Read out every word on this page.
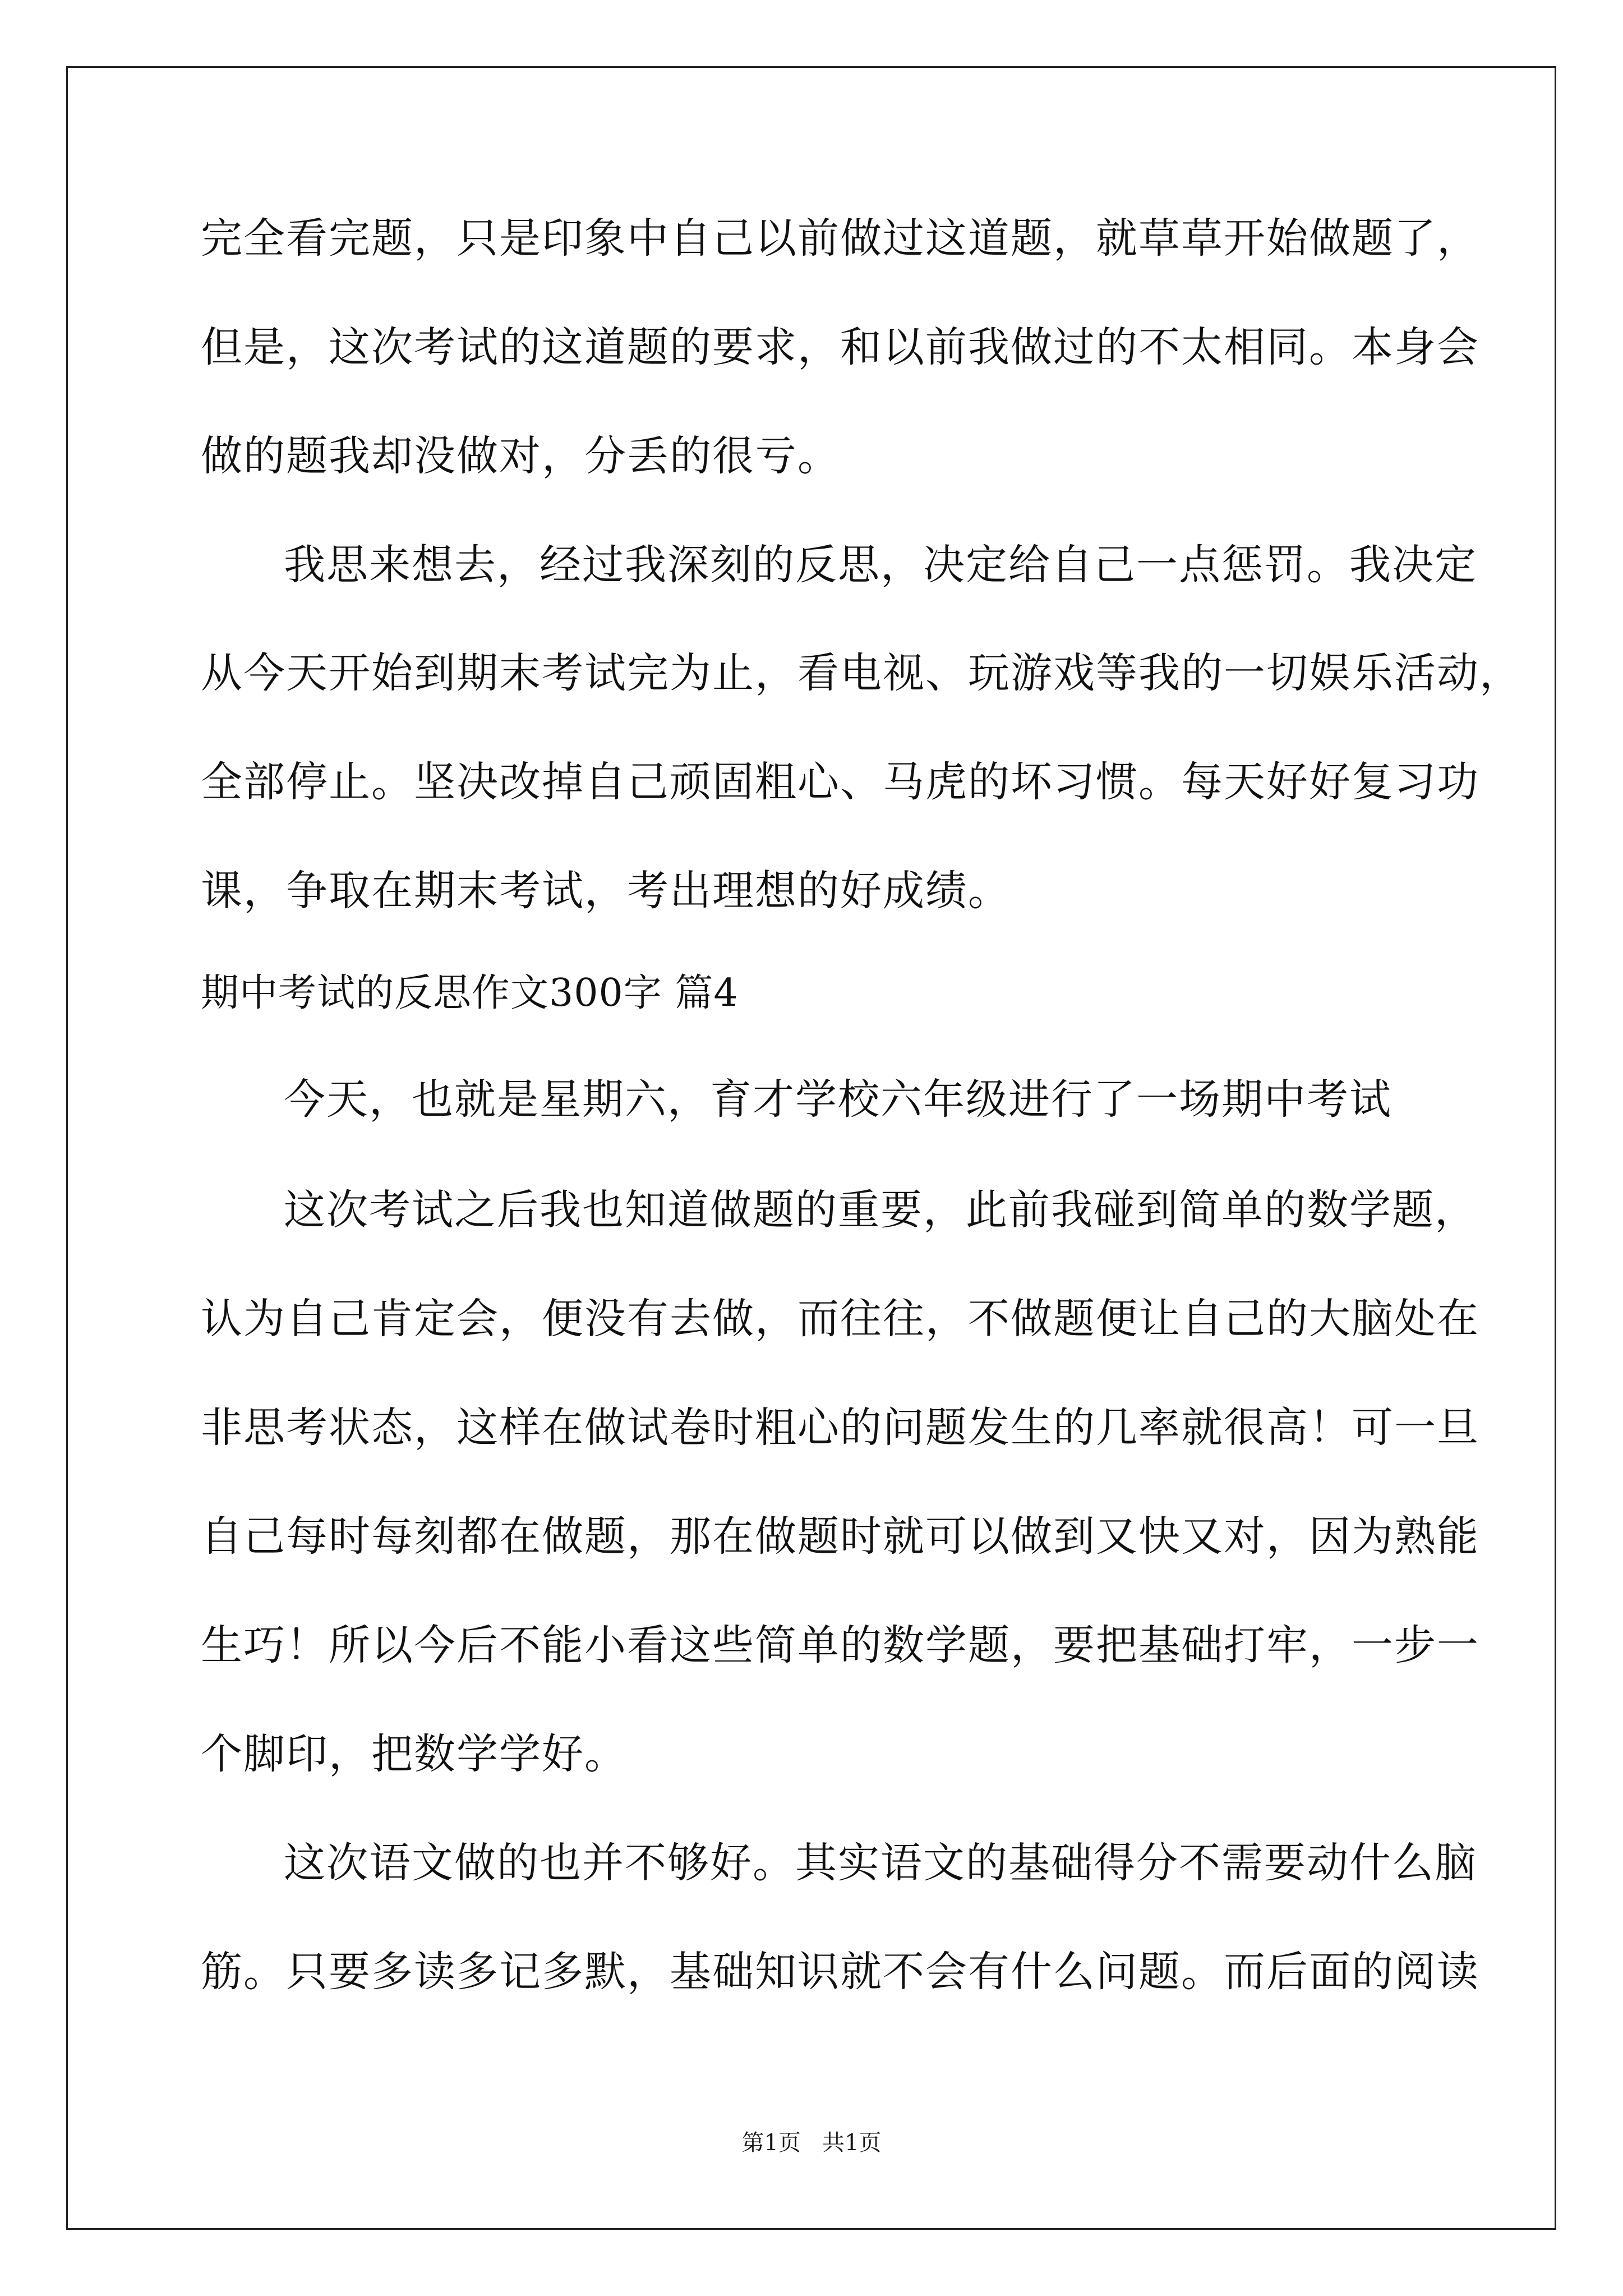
完全看完题，只是印象中自己以前做过这道题，就草草开始做题了，
但是，这次考试的这道题的要求，和以前我做过的不太相同。本身会
做的题我却没做对，分丢的很亏。
我思来想去，经过我深刻的反思，决定给自己一点惩罚。我决定
从今天开始到期末考试完为止，看电视、玩游戏等我的一切娱乐活动，
全部停止。坚决改掉自己顽固粗心、马虎的坏习惯。每天好好复习功
课，争取在期末考试，考出理想的好成绩。
期中考试的反思作文300字 篇4
今天，也就是星期六，育才学校六年级进行了一场期中考试
这次考试之后我也知道做题的重要，此前我碰到简单的数学题，
认为自己肯定会，便没有去做，而往往，不做题便让自己的大脑处在
非思考状态，这样在做试卷时粗心的问题发生的几率就很高！可一旦
自己每时每刻都在做题，那在做题时就可以做到又快又对，因为熟能
生巧！所以今后不能小看这些简单的数学题，要把基础打牢，一步一
个脚印，把数学学好。
这次语文做的也并不够好。其实语文的基础得分不需要动什么脑
筋。只要多读多记多默，基础知识就不会有什么问题。而后面的阅读
第1页   共1页
